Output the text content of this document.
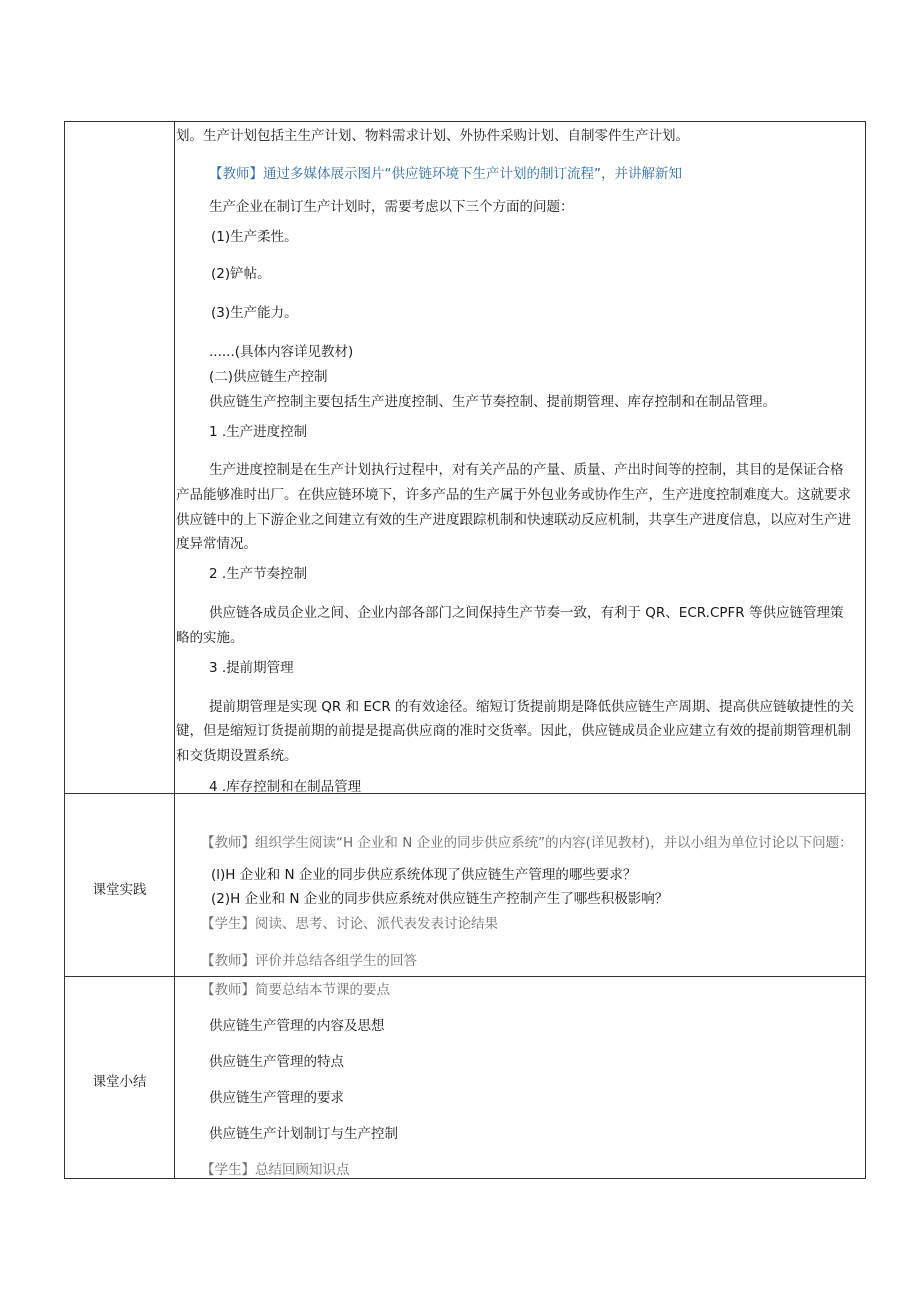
课堂实践
课堂小结
划。生产计划包括主生产计划、物料需求计划、外协件采购计划、自制零件生产计划。
【教师】通过多媒体展示图片“供应链环境下生产计划的制订流程”，并讲解新知
生产企业在制订生产计划时，需要考虑以下三个方面的问题：
(1)生产柔性。
(2)铲帖。
(3)生产能力。
......(具体内容详见教材)
(二)供应链生产控制
供应链生产控制主要包括生产进度控制、生产节奏控制、提前期管理、库存控制和在制品管理。
1 .生产进度控制
生产进度控制是在生产计划执行过程中，对有关产品的产量、质量、产出时间等的控制，其目的是保证合格
产品能够准时出厂。在供应链环境下，许多产品的生产属于外包业务或协作生产，生产进度控制难度大。这就要求
供应链中的上下游企业之间建立有效的生产进度跟踪机制和快速联动反应机制，共享生产进度信息，以应对生产进
度异常情况。
2 .生产节奏控制
供应链各成员企业之间、企业内部各部门之间保持生产节奏一致，有利于 QR、ECR.CPFR 等供应链管理策
略的实施。
3 .提前期管理
提前期管理是实现 QR 和 ECR 的有效途径。缩短订货提前期是降低供应链生产周期、提高供应链敏捷性的关
键，但是缩短订货提前期的前提是提高供应商的准时交货率。因此，供应链成员企业应建立有效的提前期管理机制
和交货期设置系统。
4 .库存控制和在制品管理
【教师】组织学生阅读“H 企业和 N 企业的同步供应系统”的内容(详见教材)，并以小组为单位讨论以下问题：
(l)H 企业和 N 企业的同步供应系统体现了供应链生产管理的哪些要求？
(2)H 企业和 N 企业的同步供应系统对供应链生产控制产生了哪些积极影响？
【学生】阅读、思考、讨论、派代表发表讨论结果
【教师】评价并总结各组学生的回答
【教师】简要总结本节课的要点
供应链生产管理的内容及思想
供应链生产管理的特点
供应链生产管理的要求
供应链生产计划制订与生产控制
【学生】总结回顾知识点
